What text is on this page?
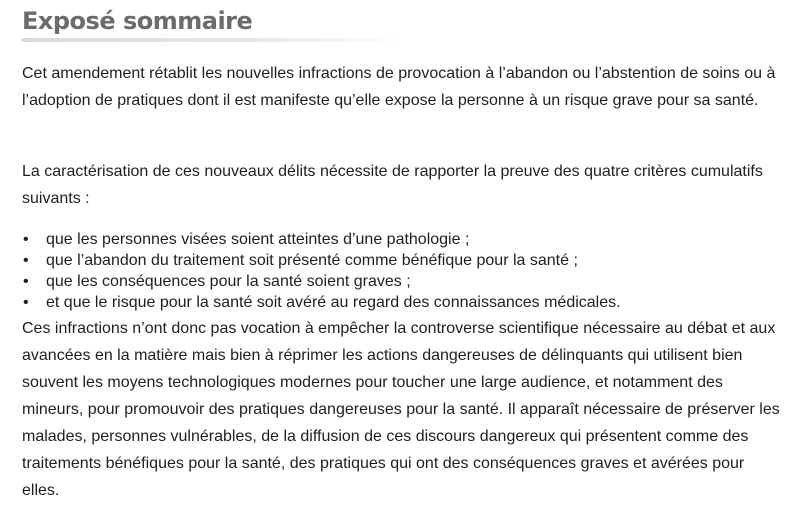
Exposé sommaire

Cet amendement rétablit les nouvelles infractions de provocation à l’abandon ou l’abstention de soins ou à l’adoption de pratiques dont il est manifeste qu’elle expose la personne à un risque grave pour sa santé.

La caractérisation de ces nouveaux délits nécessite de rapporter la preuve des quatre critères cumulatifs suivants :

• que les personnes visées soient atteintes d’une pathologie ;
• que l’abandon du traitement soit présenté comme bénéfique pour la santé ;
• que les conséquences pour la santé soient graves ;
• et que le risque pour la santé soit avéré au regard des connaissances médicales.

Ces infractions n’ont donc pas vocation à empêcher la controverse scientifique nécessaire au débat et aux avancées en la matière mais bien à réprimer les actions dangereuses de délinquants qui utilisent bien souvent les moyens technologiques modernes pour toucher une large audience, et notamment des mineurs, pour promouvoir des pratiques dangereuses pour la santé. Il apparaît nécessaire de préserver les malades, personnes vulnérables, de la diffusion de ces discours dangereux qui présentent comme des traitements bénéfiques pour la santé, des pratiques qui ont des conséquences graves et avérées pour elles.
